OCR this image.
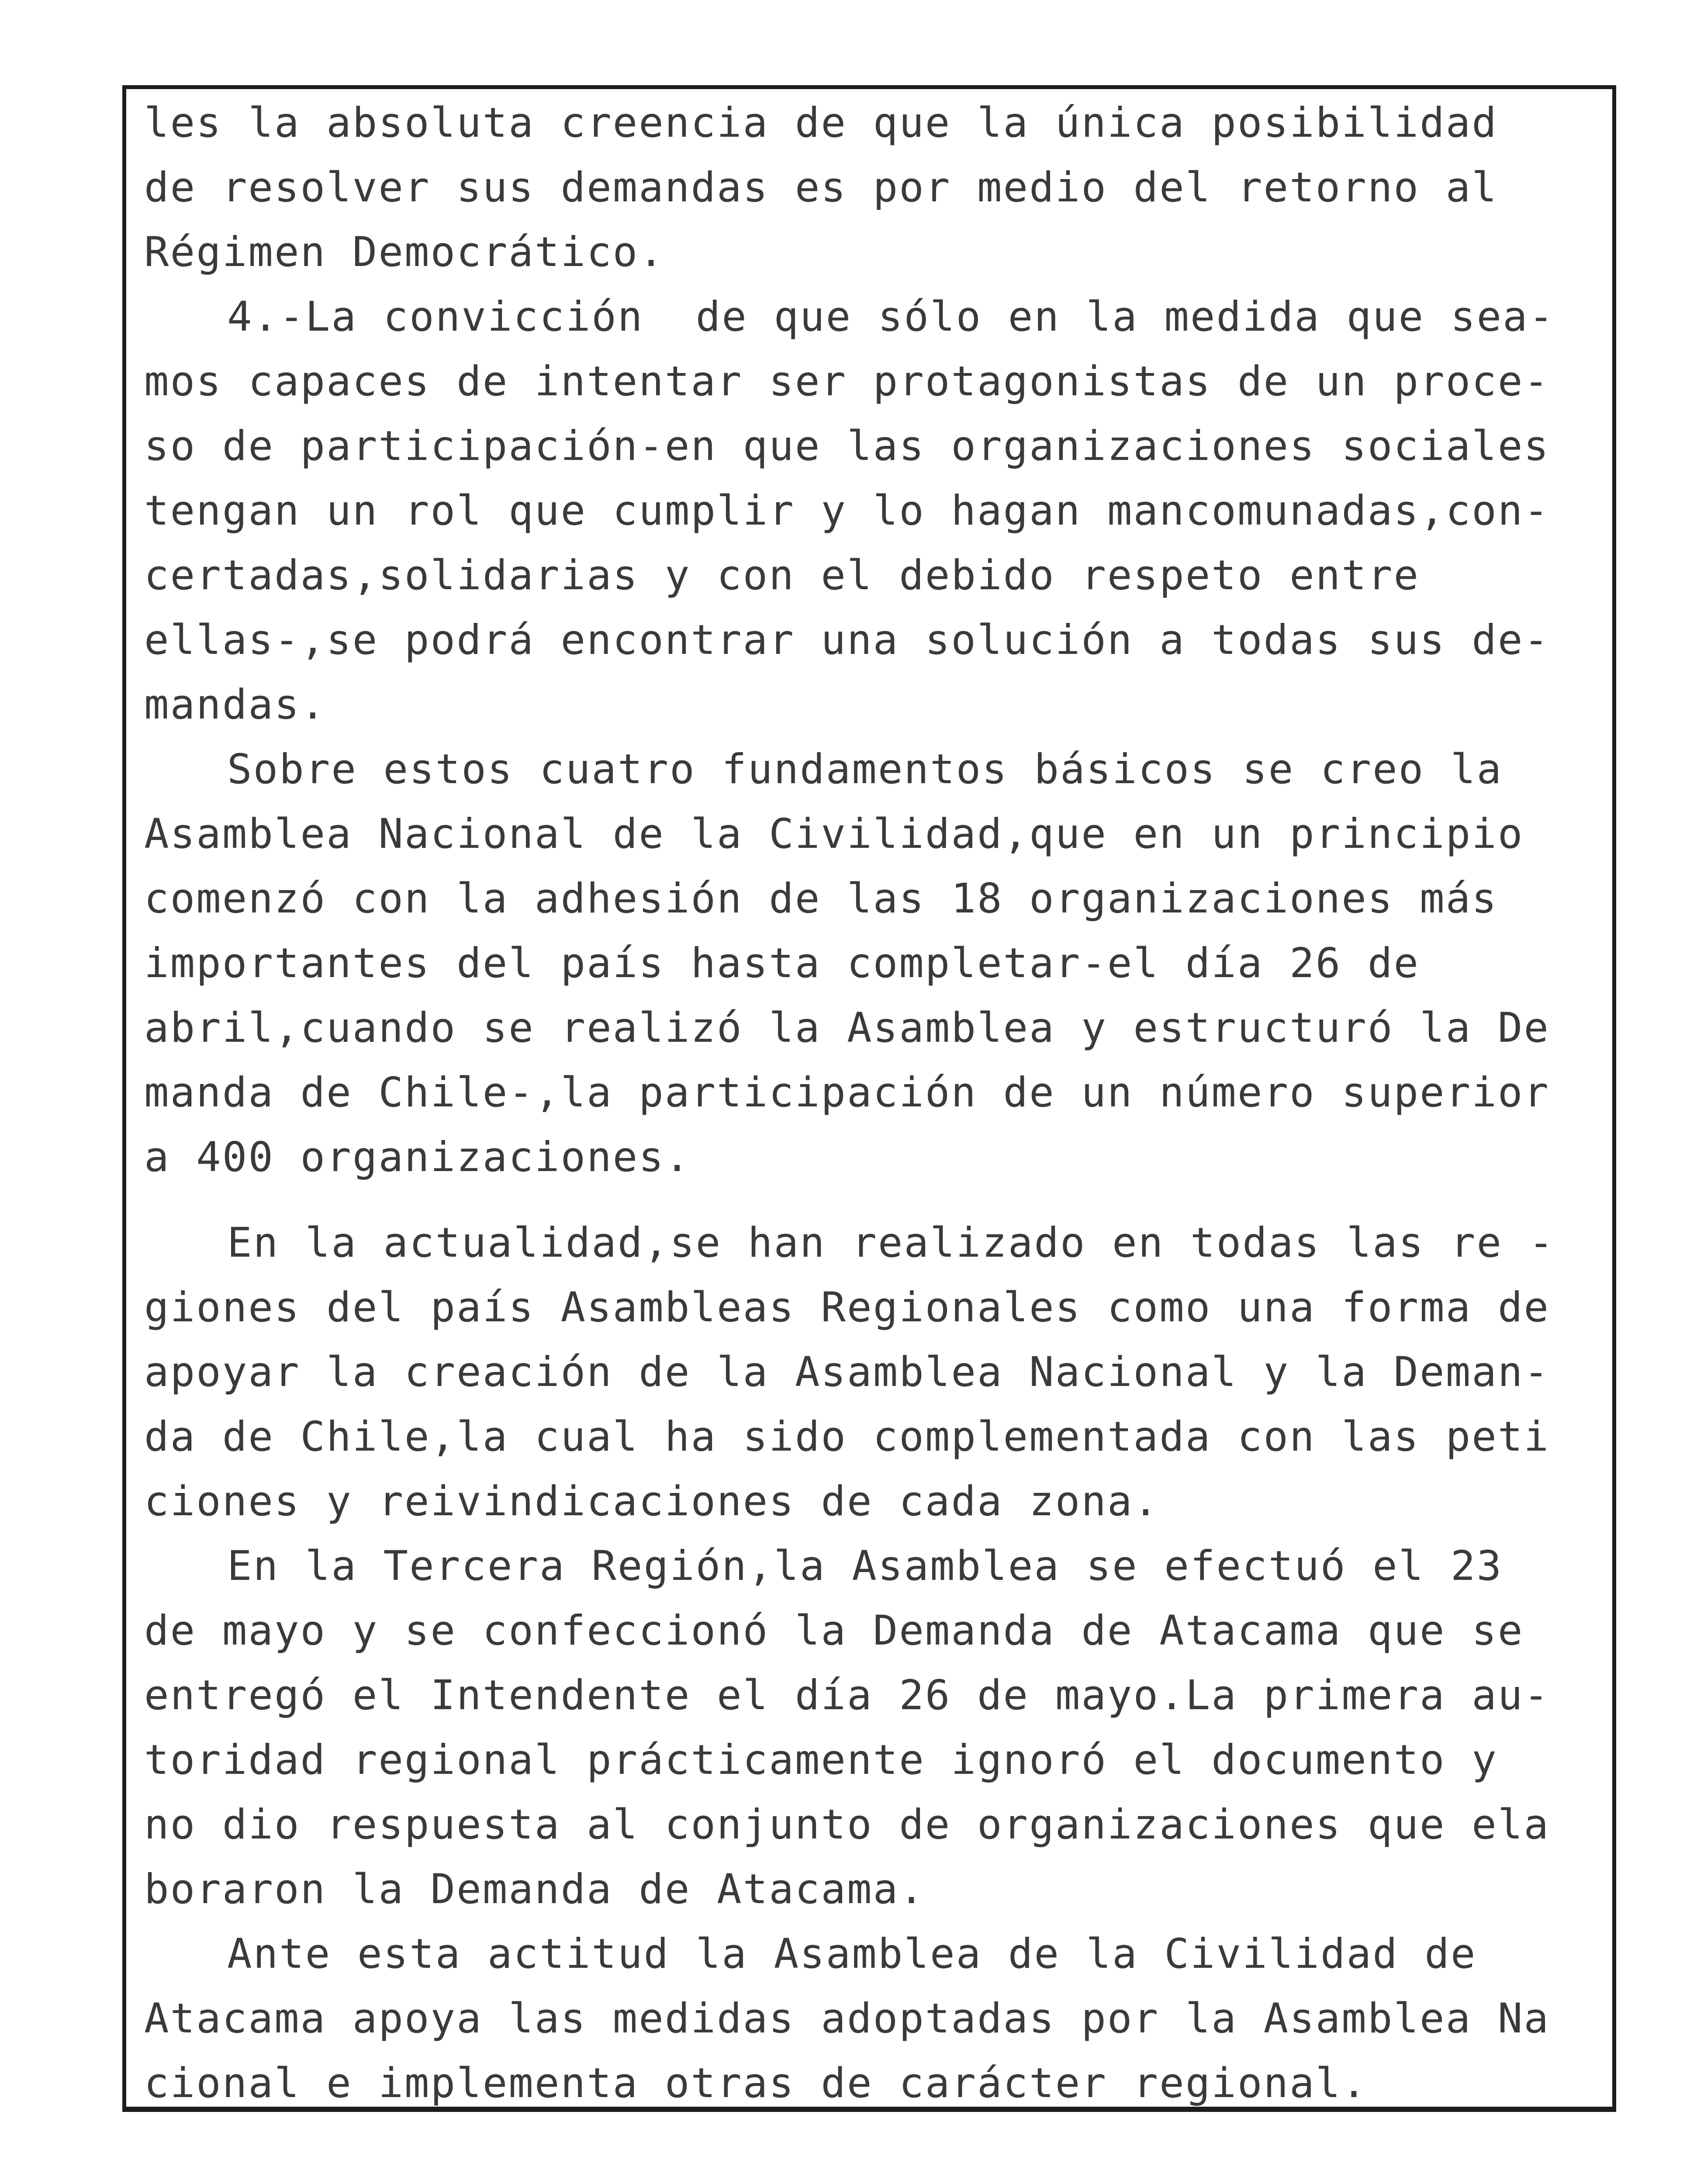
les la absoluta creencia de que la única posibilidad
de resolver sus demandas es por medio del retorno al
Régimen Democrático.
4.-La convicción  de que sólo en la medida que sea-
mos capaces de intentar ser protagonistas de un proce-
so de participación-en que las organizaciones sociales
tengan un rol que cumplir y lo hagan mancomunadas,con-
certadas,solidarias y con el debido respeto entre
ellas-,se podrá encontrar una solución a todas sus de-
mandas.
Sobre estos cuatro fundamentos básicos se creo la
Asamblea Nacional de la Civilidad,que en un principio
comenzó con la adhesión de las 18 organizaciones más
importantes del país hasta completar-el día 26 de
abril,cuando se realizó la Asamblea y estructuró la De
manda de Chile-,la participación de un número superior
a 400 organizaciones.
En la actualidad,se han realizado en todas las re -
giones del país Asambleas Regionales como una forma de
apoyar la creación de la Asamblea Nacional y la Deman-
da de Chile,la cual ha sido complementada con las peti
ciones y reivindicaciones de cada zona.
En la Tercera Región,la Asamblea se efectuó el 23
de mayo y se confeccionó la Demanda de Atacama que se
entregó el Intendente el día 26 de mayo.La primera au-
toridad regional prácticamente ignoró el documento y
no dio respuesta al conjunto de organizaciones que ela
boraron la Demanda de Atacama.
Ante esta actitud la Asamblea de la Civilidad de
Atacama apoya las medidas adoptadas por la Asamblea Na
cional e implementa otras de carácter regional.
